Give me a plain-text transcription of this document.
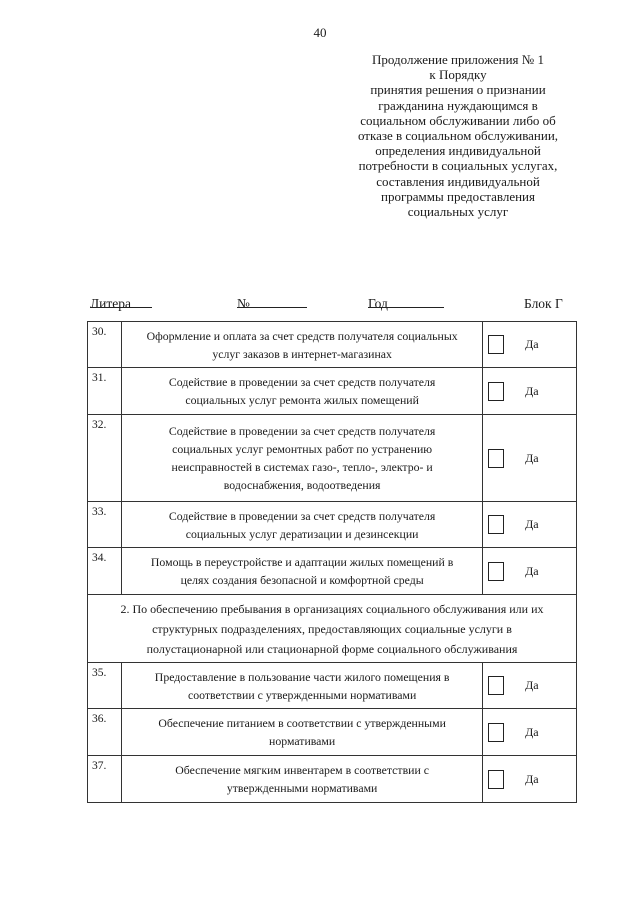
40
Продолжение приложения № 1
к Порядку
принятия решения о признании
гражданина нуждающимся в
социальном обслуживании либо об
отказе в социальном обслуживании,
определения индивидуальной
потребности в социальных услугах,
составления индивидуальной
программы предоставления
социальных услуг
Литера	№	Год	Блок Г
30.	Оформление и оплата за счет средств получателя социальных
услуг заказов в интернет-магазинах	Да

31.	Содействие в проведении за счет средств получателя
социальных услуг ремонта жилых помещений	Да

32.	Содействие в проведении за счет средств получателя
социальных услуг ремонтных работ по устранению
неисправностей в системах газо-, тепло-, электро- и
водоснабжения, водоотведения	Да

33.	Содействие в проведении за счет средств получателя
социальных услуг дератизации и дезинсекции	Да

34.	Помощь в переустройстве и адаптации жилых помещений в
целях создания безопасной и комфортной среды	Да

2. По обеспечению пребывания в организациях социального обслуживания или их
структурных подразделениях, предоставляющих социальные услуги в
полустационарной или стационарной форме социального обслуживания		

35.	Предоставление в пользование части жилого помещения в
соответствии с утвержденными нормативами	Да

36.	Обеспечение питанием в соответствии с утвержденными
нормативами	Да

37.	Обеспечение мягким инвентарем в соответствии с
утвержденными нормативами	Да
